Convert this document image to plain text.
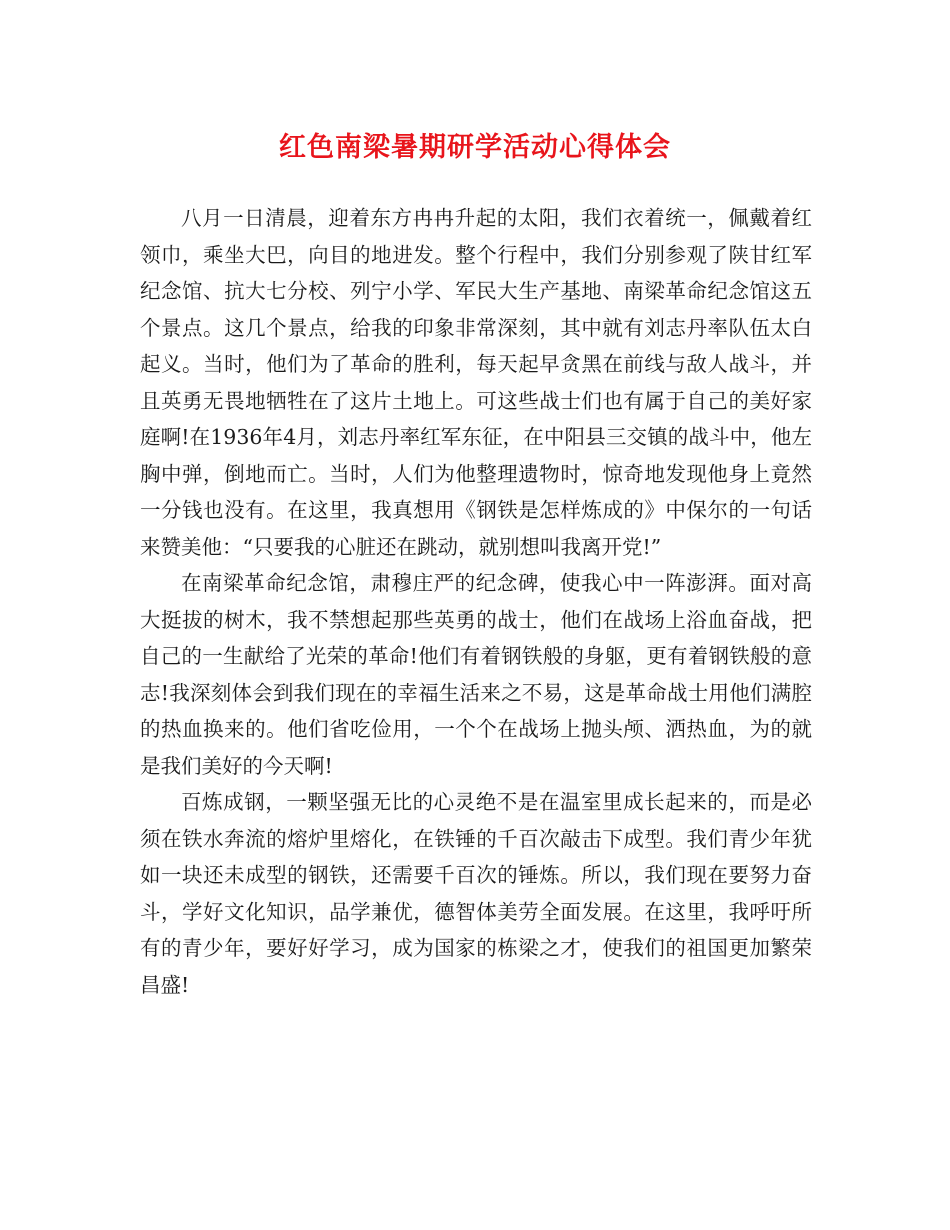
红色南梁暑期研学活动心得体会

八月一日清晨，迎着东方冉冉升起的太阳，我们衣着统一，佩戴着红领巾，乘坐大巴，向目的地进发。整个行程中，我们分别参观了陕甘红军纪念馆、抗大七分校、列宁小学、军民大生产基地、南梁革命纪念馆这五个景点。这几个景点，给我的印象非常深刻，其中就有刘志丹率队伍太白起义。当时，他们为了革命的胜利，每天起早贪黑在前线与敌人战斗，并且英勇无畏地牺牲在了这片土地上。可这些战士们也有属于自己的美好家庭啊!在1936年4月，刘志丹率红军东征，在中阳县三交镇的战斗中，他左胸中弹，倒地而亡。当时，人们为他整理遗物时，惊奇地发现他身上竟然一分钱也没有。在这里，我真想用《钢铁是怎样炼成的》中保尔的一句话来赞美他：“只要我的心脏还在跳动，就别想叫我离开党!”

在南梁革命纪念馆，肃穆庄严的纪念碑，使我心中一阵澎湃。面对高大挺拔的树木，我不禁想起那些英勇的战士，他们在战场上浴血奋战，把自己的一生献给了光荣的革命!他们有着钢铁般的身躯，更有着钢铁般的意志!我深刻体会到我们现在的幸福生活来之不易，这是革命战士用他们满腔的热血换来的。他们省吃俭用，一个个在战场上抛头颅、洒热血，为的就是我们美好的今天啊!

百炼成钢，一颗坚强无比的心灵绝不是在温室里成长起来的，而是必须在铁水奔流的熔炉里熔化，在铁锤的千百次敲击下成型。我们青少年犹如一块还未成型的钢铁，还需要千百次的锤炼。所以，我们现在要努力奋斗，学好文化知识，品学兼优，德智体美劳全面发展。在这里，我呼吁所有的青少年，要好好学习，成为国家的栋梁之才，使我们的祖国更加繁荣昌盛!
